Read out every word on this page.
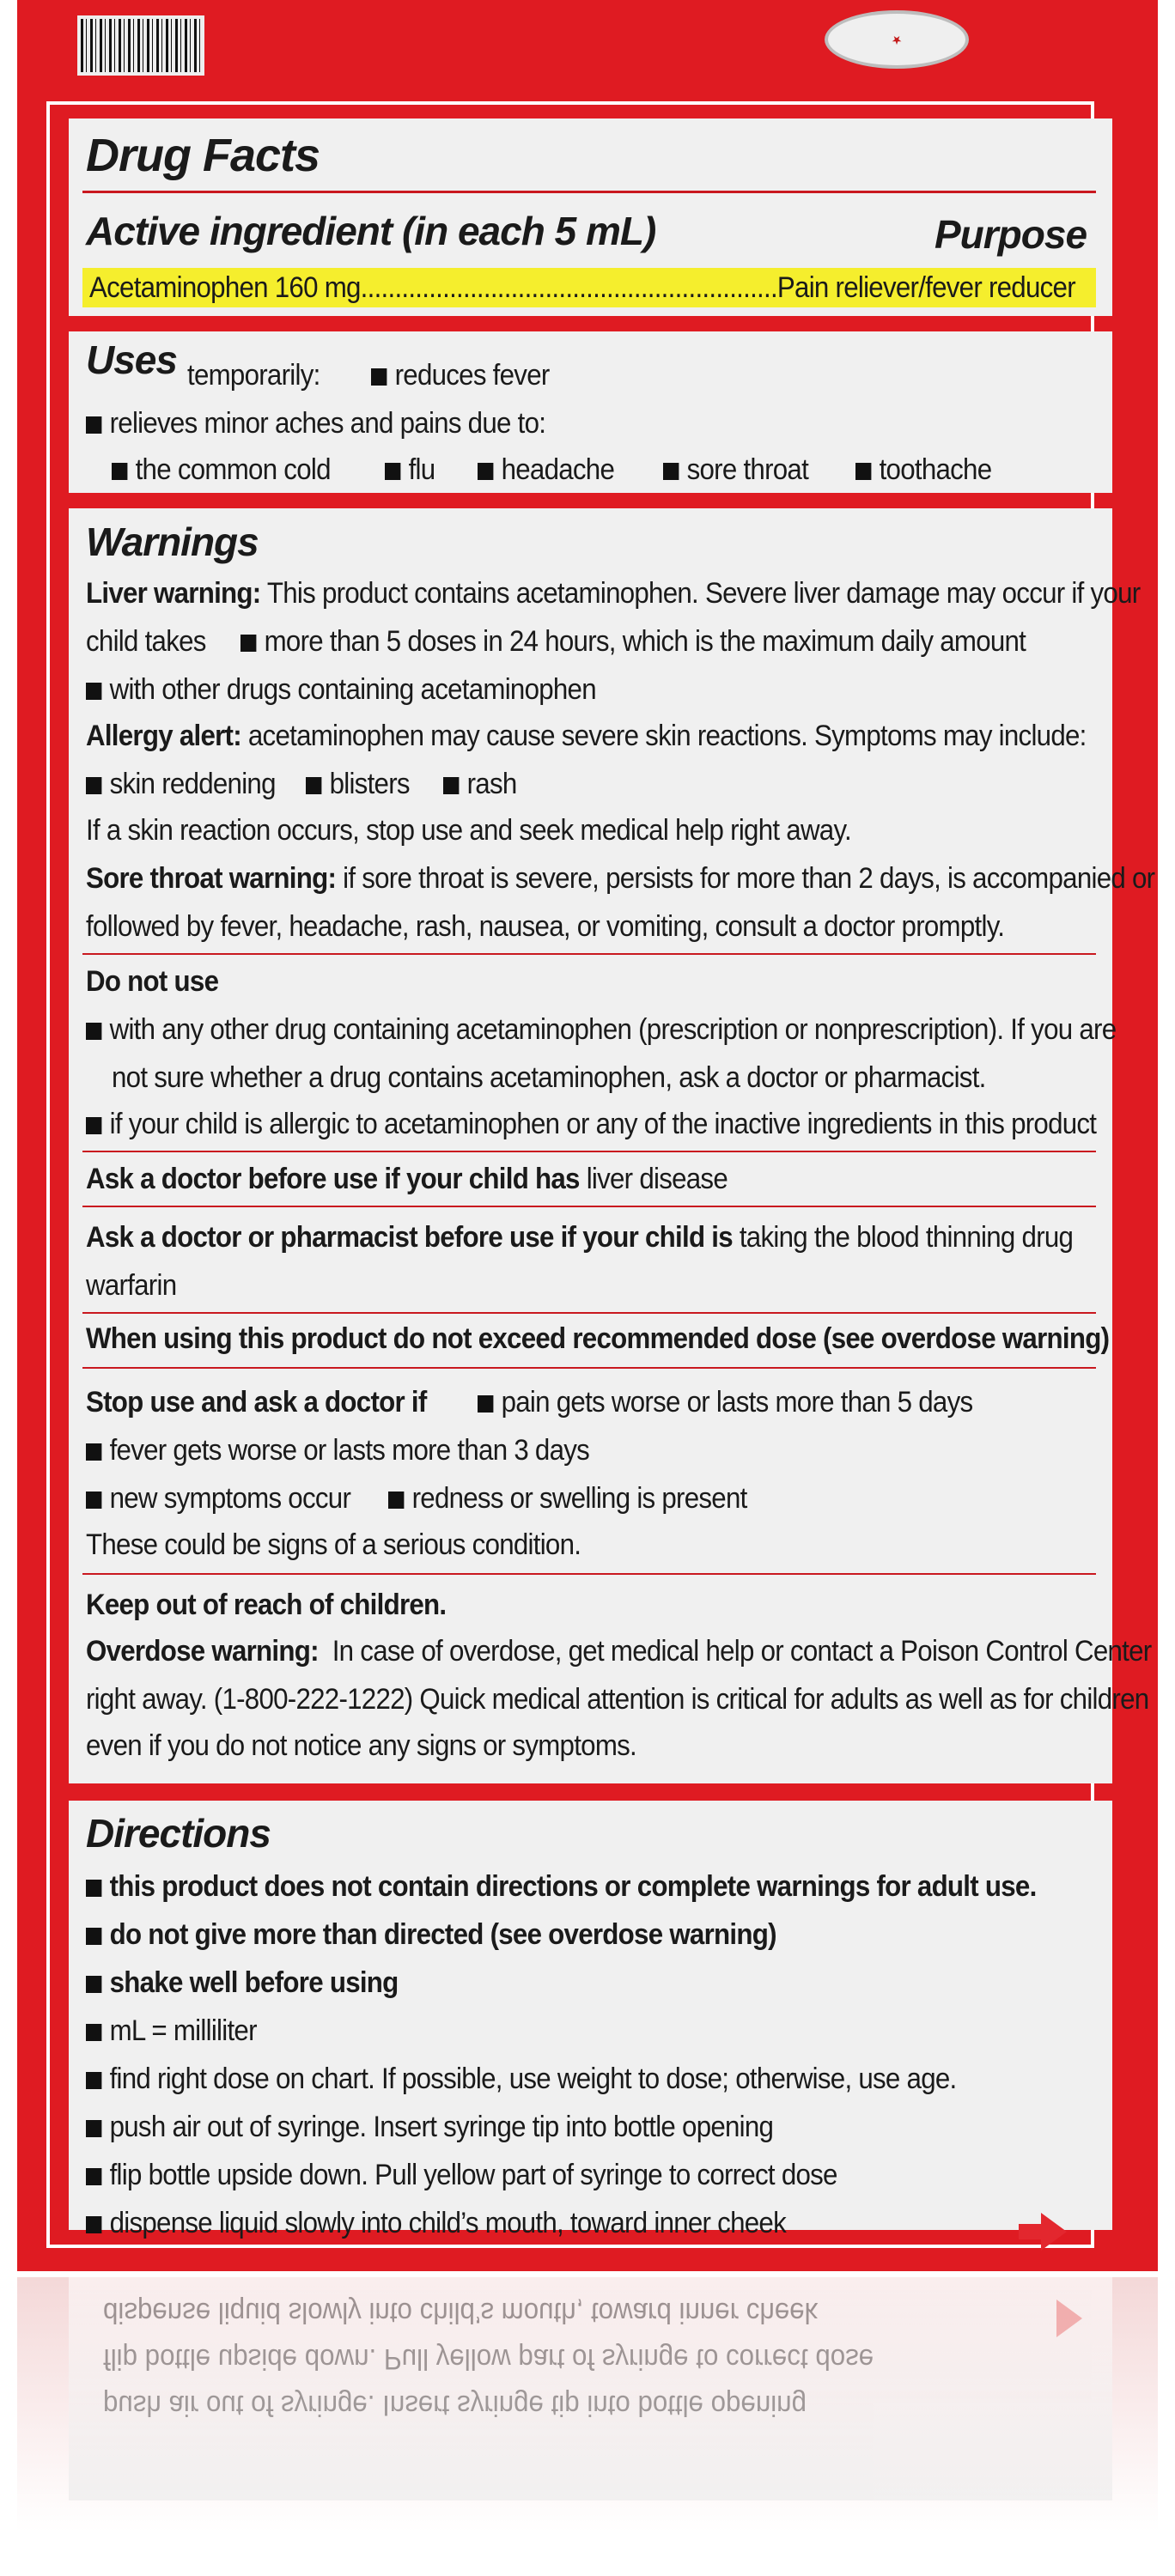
★
Drug Facts
Active ingredient (in each 5 mL)	Purpose
Acetaminophen 160 mg.............................................................Pain reliever/fever reducer
Uses temporarily:	reduces fever
relieves minor aches and pains due to:
the common cold	flu	headache	sore throat	toothache
Warnings
Liver warning: This product contains acetaminophen. Severe liver damage may occur if your
child takes	more than 5 doses in 24 hours, which is the maximum daily amount
with other drugs containing acetaminophen
Allergy alert: acetaminophen may cause severe skin reactions. Symptoms may include:
skin reddening	blisters	rash
If a skin reaction occurs, stop use and seek medical help right away.
Sore throat warning: if sore throat is severe, persists for more than 2 days, is accompanied or
followed by fever, headache, rash, nausea, or vomiting, consult a doctor promptly.
Do not use
with any other drug containing acetaminophen (prescription or nonprescription). If you are
not sure whether a drug contains acetaminophen, ask a doctor or pharmacist.
if your child is allergic to acetaminophen or any of the inactive ingredients in this product
Ask a doctor before use if your child has liver disease
Ask a doctor or pharmacist before use if your child is taking the blood thinning drug
warfarin
When using this product do not exceed recommended dose (see overdose warning)
Stop use and ask a doctor if	pain gets worse or lasts more than 5 days
fever gets worse or lasts more than 3 days
new symptoms occur	redness or swelling is present
These could be signs of a serious condition.
Keep out of reach of children.
Overdose warning: In case of overdose, get medical help or contact a Poison Control Center
right away. (1-800-222-1222) Quick medical attention is critical for adults as well as for children
even if you do not notice any signs or symptoms.
Directions
this product does not contain directions or complete warnings for adult use.
do not give more than directed (see overdose warning)
shake well before using
mL = milliliter
find right dose on chart. If possible, use weight to dose; otherwise, use age.
push air out of syringe. Insert syringe tip into bottle opening
flip bottle upside down. Pull yellow part of syringe to correct dose
dispense liquid slowly into child’s mouth, toward inner cheek
dispense liquid slowly into child’s mouth, toward inner cheek
flip bottle upside down. Pull yellow part of syringe to correct dose
push air out of syringe. Insert syringe tip into bottle opening
